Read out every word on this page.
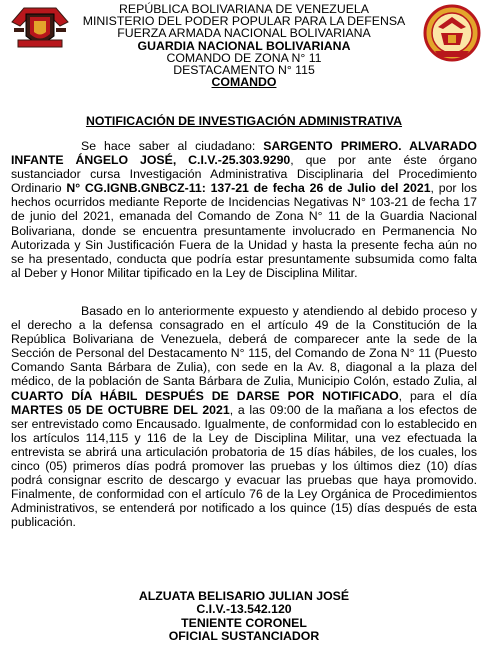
REPÚBLICA BOLIVARIANA DE VENEZUELA
MINISTERIO DEL PODER POPULAR PARA LA DEFENSA
FUERZA ARMADA NACIONAL BOLIVARIANA
GUARDIA NACIONAL BOLIVARIANA
COMANDO DE ZONA N° 11
DESTACAMENTO N° 115
COMANDO
NOTIFICACIÓN DE INVESTIGACIÓN ADMINISTRATIVA
Se hace saber al ciudadano: SARGENTO PRIMERO. ALVARADO INFANTE ÁNGELO JOSÉ, C.I.V.-25.303.9290, que por ante éste órgano sustanciador cursa Investigación Administrativa Disciplinaria del Procedimiento Ordinario N° CG.IGNB.GNBCZ-11: 137-21 de fecha 26 de Julio del 2021, por los hechos ocurridos mediante Reporte de Incidencias Negativas N° 103-21 de fecha 17 de junio del 2021, emanada del Comando de Zona N° 11 de la Guardia Nacional Bolivariana, donde se encuentra presuntamente involucrado en Permanencia No Autorizada y Sin Justificación Fuera de la Unidad y hasta la presente fecha aún no se ha presentado, conducta que podría estar presuntamente subsumida como falta al Deber y Honor Militar tipificado en la Ley de Disciplina Militar.
Basado en lo anteriormente expuesto y atendiendo al debido proceso y el derecho a la defensa consagrado en el artículo 49 de la Constitución de la República Bolivariana de Venezuela, deberá de comparecer ante la sede de la Sección de Personal del Destacamento N° 115, del Comando de Zona N° 11 (Puesto Comando Santa Bárbara de Zulia), con sede en la Av. 8, diagonal a la plaza del médico, de la población de Santa Bárbara de Zulia, Municipio Colón, estado Zulia, al CUARTO DÍA HÁBIL DESPUÉS DE DARSE POR NOTIFICADO, para el día MARTES 05 DE OCTUBRE DEL 2021, a las 09:00 de la mañana a los efectos de ser entrevistado como Encausado. Igualmente, de conformidad con lo establecido en los artículos 114,115 y 116 de la Ley de Disciplina Militar, una vez efectuada la entrevista se abrirá una articulación probatoria de 15 días hábiles, de los cuales, los cinco (05) primeros días podrá promover las pruebas y los últimos diez (10) días podrá consignar escrito de descargo y evacuar las pruebas que haya promovido. Finalmente, de conformidad con el artículo 76 de la Ley Orgánica de Procedimientos Administrativos, se entenderá por notificado a los quince (15) días después de esta publicación.
ALZUATA BELISARIO JULIAN JOSÉ
C.I.V.-13.542.120
TENIENTE CORONEL
OFICIAL SUSTANCIADOR
